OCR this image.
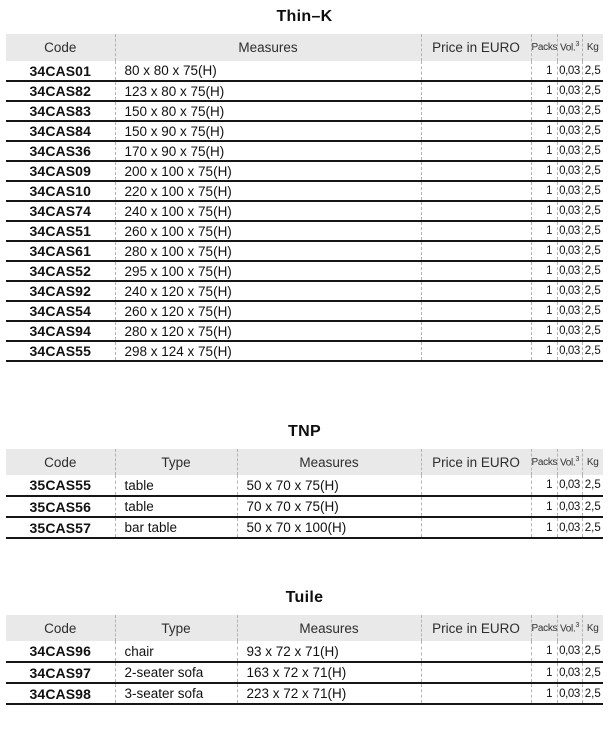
Thin–K
Code	Measures	Price in EURO	Packs	Vol.$^3$	Kg
34CAS01	80 x 80 x 75(H)		1	0,03	2,5
34CAS82	123 x 80 x 75(H)		1	0,03	2,5
34CAS83	150 x 80 x 75(H)		1	0,03	2,5
34CAS84	150 x 90 x 75(H)		1	0,03	2,5
34CAS36	170 x 90 x 75(H)		1	0,03	2,5
34CAS09	200 x 100 x 75(H)		1	0,03	2,5
34CAS10	220 x 100 x 75(H)		1	0,03	2,5
34CAS74	240 x 100 x 75(H)		1	0,03	2,5
34CAS51	260 x 100 x 75(H)		1	0,03	2,5
34CAS61	280 x 100 x 75(H)		1	0,03	2,5
34CAS52	295 x 100 x 75(H)		1	0,03	2,5
34CAS92	240 x 120 x 75(H)		1	0,03	2,5
34CAS54	260 x 120 x 75(H)		1	0,03	2,5
34CAS94	280 x 120 x 75(H)		1	0,03	2,5
34CAS55	298 x 124 x 75(H)		1	0,03	2,5
TNP
Code	Type	Measures	Price in EURO	Packs	Vol.$^3$	Kg
35CAS55	table	50 x 70 x 75(H)		1	0,03	2,5
35CAS56	table	70 x 70 x 75(H)		1	0,03	2,5
35CAS57	bar table	50 x 70 x 100(H)		1	0,03	2,5
Tuile
Code	Type	Measures	Price in EURO	Packs	Vol.$^3$	Kg
34CAS96	chair	93 x 72 x 71(H)		1	0,03	2,5
34CAS97	2-seater sofa	163 x 72 x 71(H)		1	0,03	2,5
34CAS98	3-seater sofa	223 x 72 x 71(H)		1	0,03	2,5
